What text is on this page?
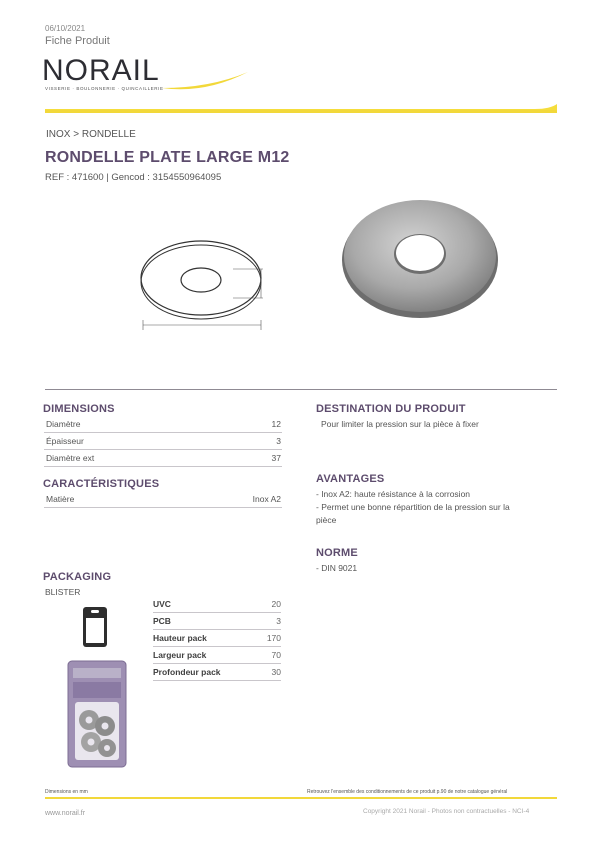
06/10/2021
Fiche Produit
NORAIL
VISSERIE · BOULONNERIE · QUINCAILLERIE
INOX > RONDELLE
RONDELLE PLATE LARGE M12
REF : 471600 | Gencod : 3154550964095
DIMENSIONS
Diamètre	12
Épaisseur	3
Diamètre ext	37
CARACTÉRISTIQUES
Matière	Inox A2
PACKAGING
BLISTER
UVC	20
PCB	3
Hauteur pack	170
Largeur pack	70
Profondeur pack	30
DESTINATION DU PRODUIT
Pour limiter la pression sur la pièce à fixer
AVANTAGES
- Inox A2: haute résistance à la corrosion
- Permet une bonne répartition de la pression sur la
pièce
NORME
- DIN 9021
Dimensions en mm	Retrouvez l'ensemble des conditionnements de ce produit p.90 de notre catalogue général
www.norail.fr	Copyright 2021 Norail - Photos non contractuelles - NCI-4
